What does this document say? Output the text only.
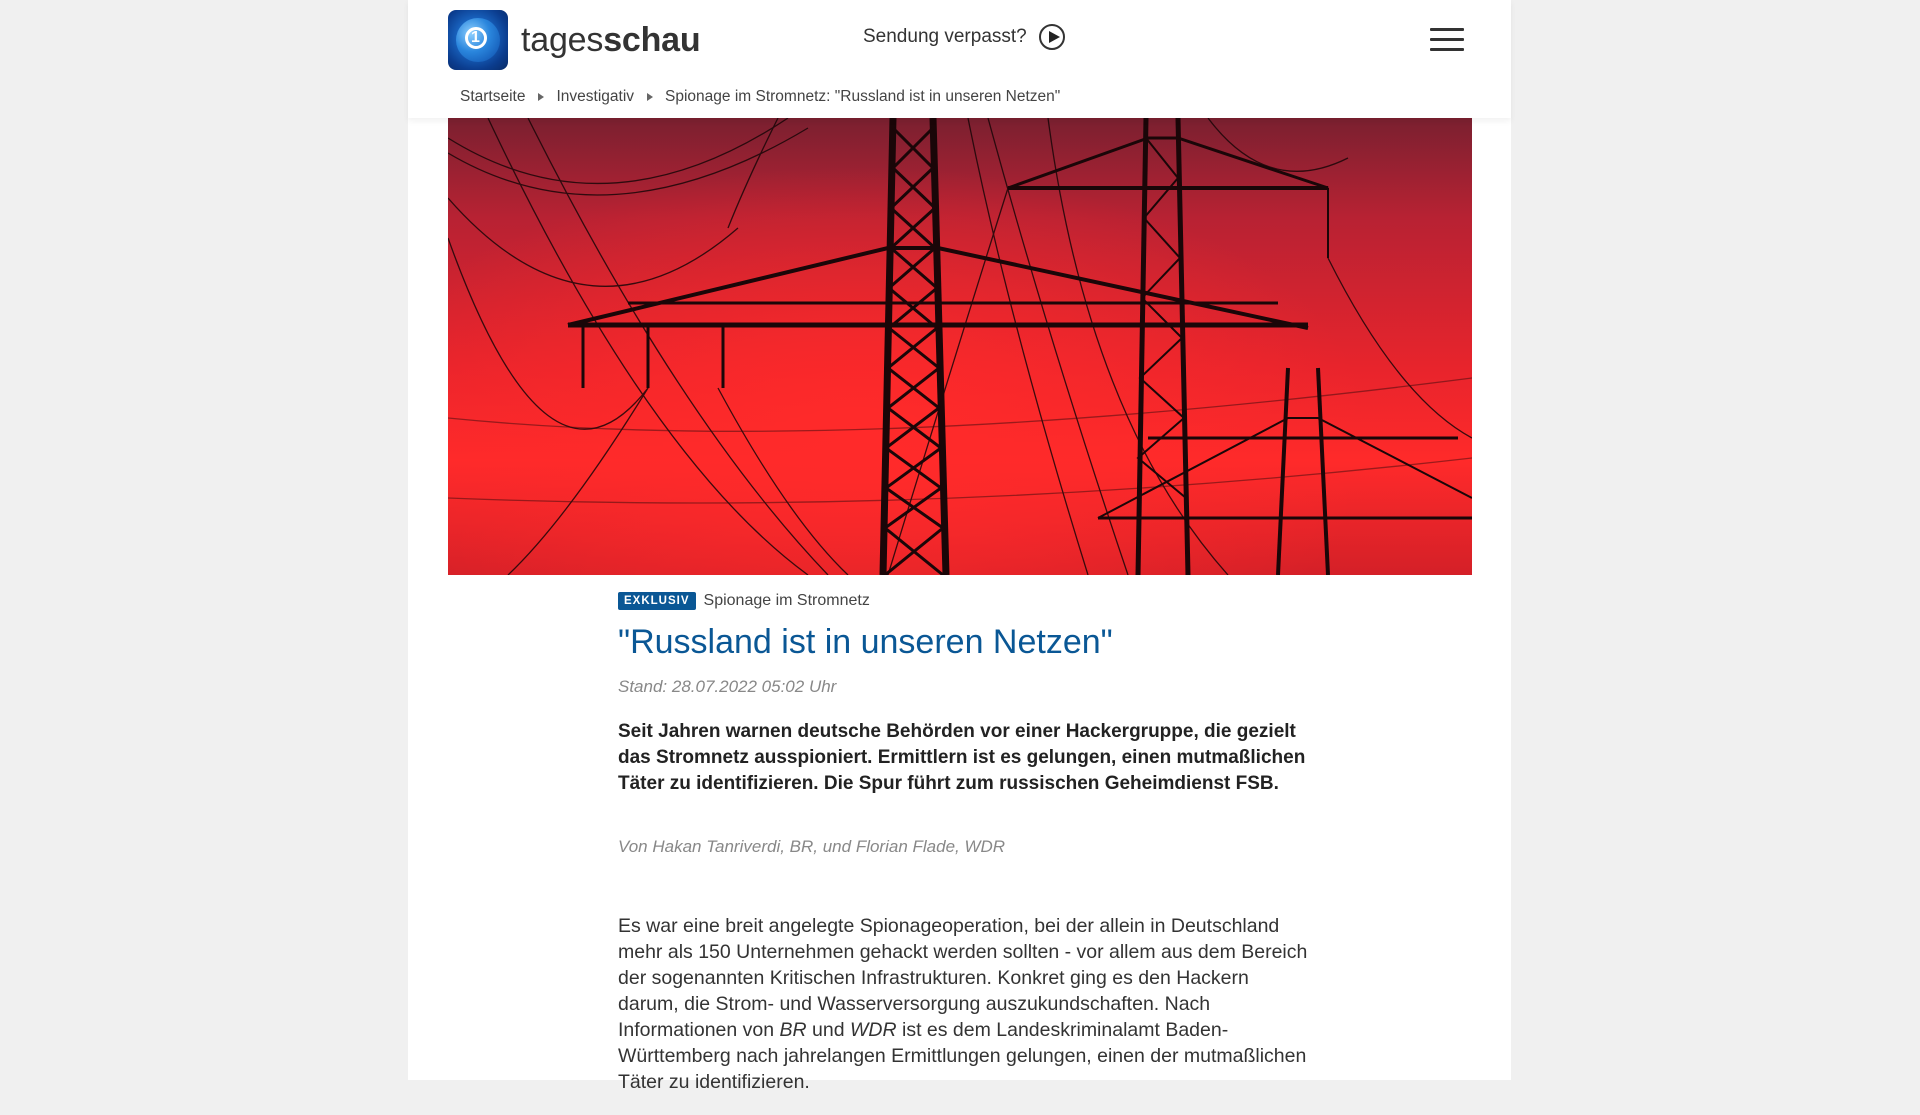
1 tagesschau	Sendung verpasst?
Startseite Investigativ Spionage im Stromnetz: "Russland ist in unseren Netzen"
EXKLUSIV Spionage im Stromnetz
"Russland ist in unseren Netzen"
Stand: 28.07.2022 05:02 Uhr

Seit Jahren warnen deutsche Behörden vor einer Hackergruppe, die gezielt das Stromnetz ausspioniert. Ermittlern ist es gelungen, einen mutmaßlichen Täter zu identifizieren. Die Spur führt zum russischen Geheimdienst FSB.

Von Hakan Tanriverdi, BR, und Florian Flade, WDR

Es war eine breit angelegte Spionageoperation, bei der allein in Deutschland mehr als 150 Unternehmen gehackt werden sollten - vor allem aus dem Bereich der sogenannten Kritischen Infrastrukturen. Konkret ging es den Hackern darum, die Strom- und Wasserversorgung auszukundschaften. Nach Informationen von BR und WDR ist es dem Landeskriminalamt Baden-Württemberg nach jahrelangen Ermittlungen gelungen, einen der mutmaßlichen Täter zu identifizieren.
